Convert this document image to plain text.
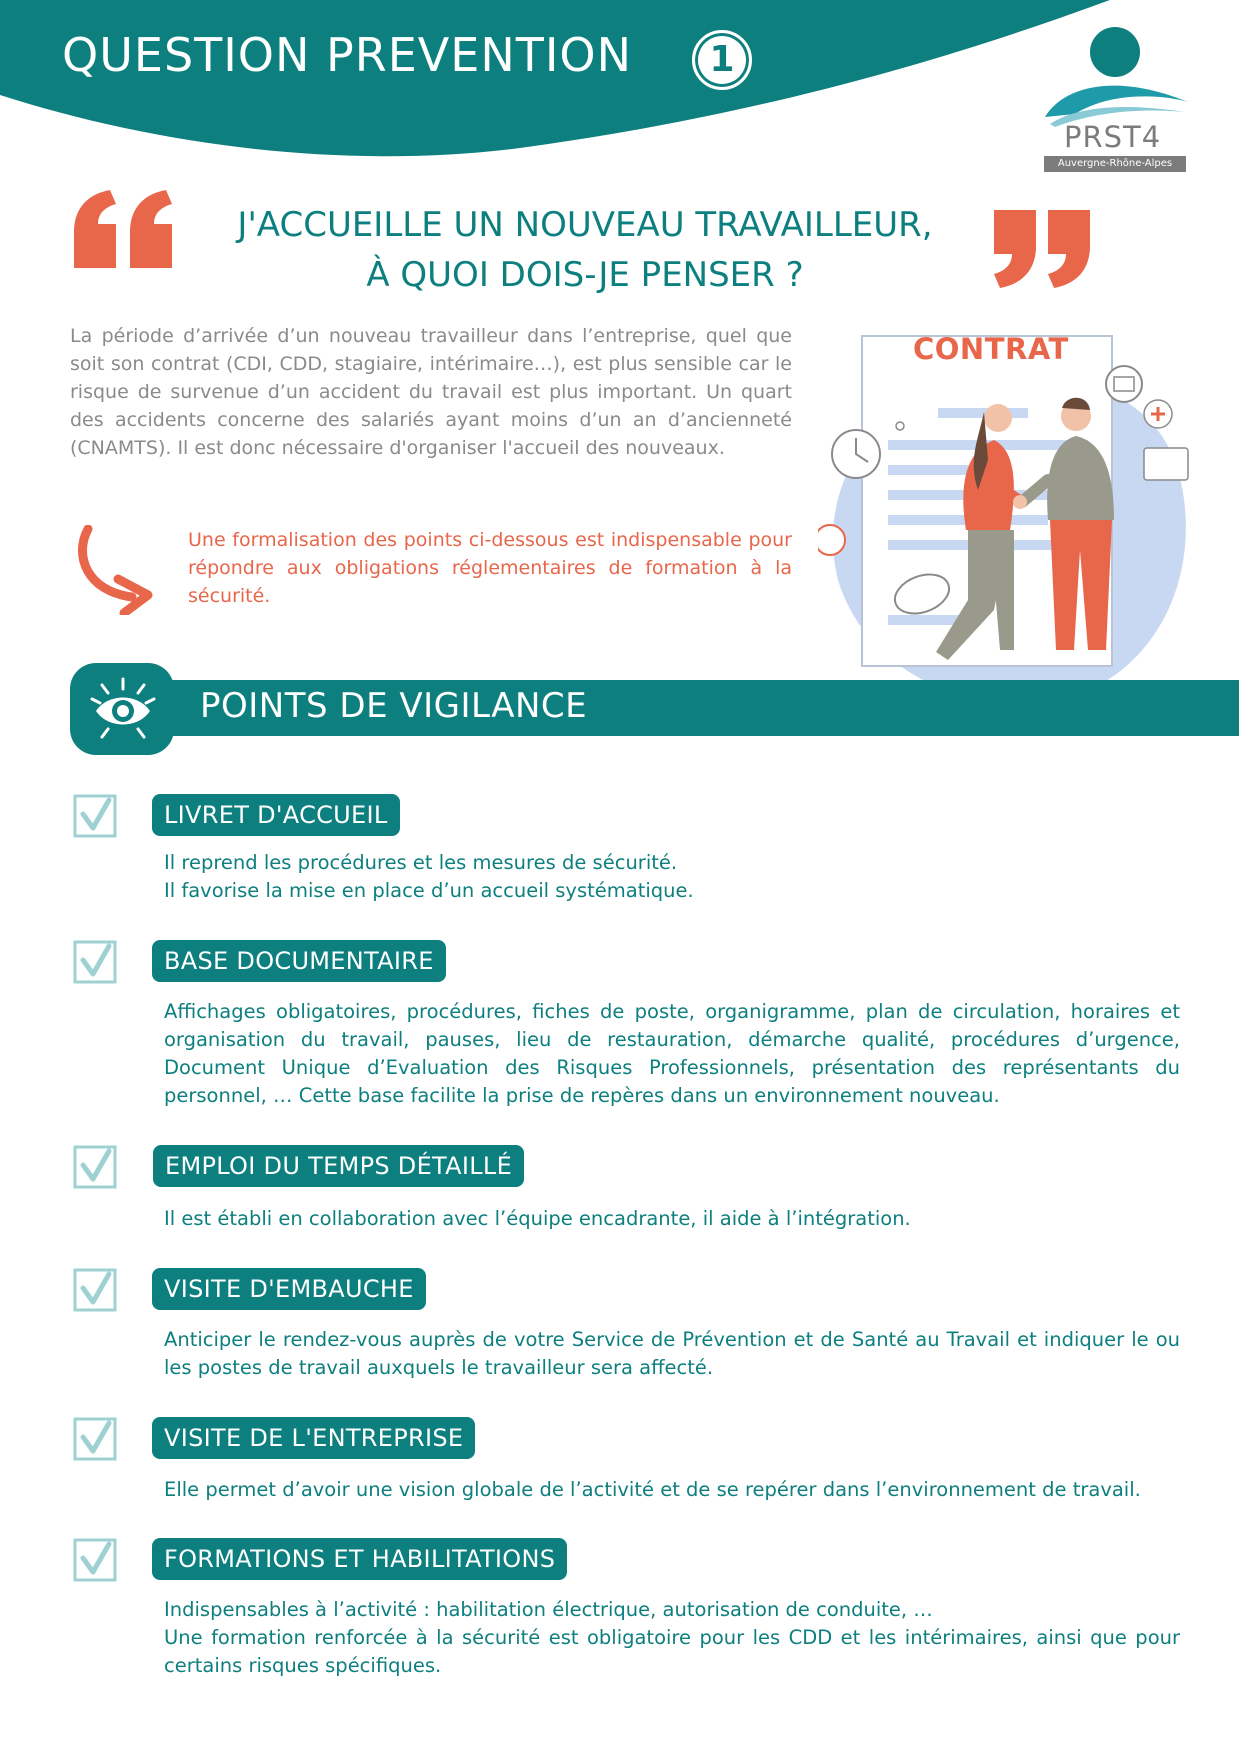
QUESTION PREVENTION	1
PRST4
Auvergne-Rhône-Alpes
J'ACCUEILLE UN NOUVEAU TRAVAILLEUR,
À QUOI DOIS-JE PENSER ?
La période d’arrivée d’un nouveau travailleur dans l’entreprise, quel que soit son contrat (CDI, CDD, stagiaire, intérimaire…), est plus sensible car le risque de survenue d’un accident du travail est plus important. Un quart des accidents concerne des salariés ayant moins d’un an d’ancienneté (CNAMTS). Il est donc nécessaire d'organiser l'accueil des nouveaux.
Une formalisation des points ci-dessous est indispensable pour répondre aux obligations réglementaires de formation à la sécurité.
CONTRAT
POINTS DE VIGILANCE
LIVRET D'ACCUEIL
Il reprend les procédures et les mesures de sécurité.
Il favorise la mise en place d’un accueil systématique.
BASE DOCUMENTAIRE
Affichages obligatoires, procédures, fiches de poste, organigramme, plan de circulation, horaires et organisation du travail, pauses, lieu de restauration, démarche qualité, procédures d’urgence, Document Unique d’Evaluation des Risques Professionnels, présentation des représentants du personnel, … Cette base facilite la prise de repères dans un environnement nouveau.
EMPLOI DU TEMPS DÉTAILLÉ
Il est établi en collaboration avec l’équipe encadrante, il aide à l’intégration.
VISITE D'EMBAUCHE
Anticiper le rendez-vous auprès de votre Service de Prévention et de Santé au Travail et indiquer le ou les postes de travail auxquels le travailleur sera affecté.
VISITE DE L'ENTREPRISE
Elle permet d’avoir une vision globale de l’activité et de se repérer dans l’environnement de travail.
FORMATIONS ET HABILITATIONS
Indispensables à l’activité : habilitation électrique, autorisation de conduite, …
Une formation renforcée à la sécurité est obligatoire pour les CDD et les intérimaires, ainsi que pour certains risques spécifiques.
